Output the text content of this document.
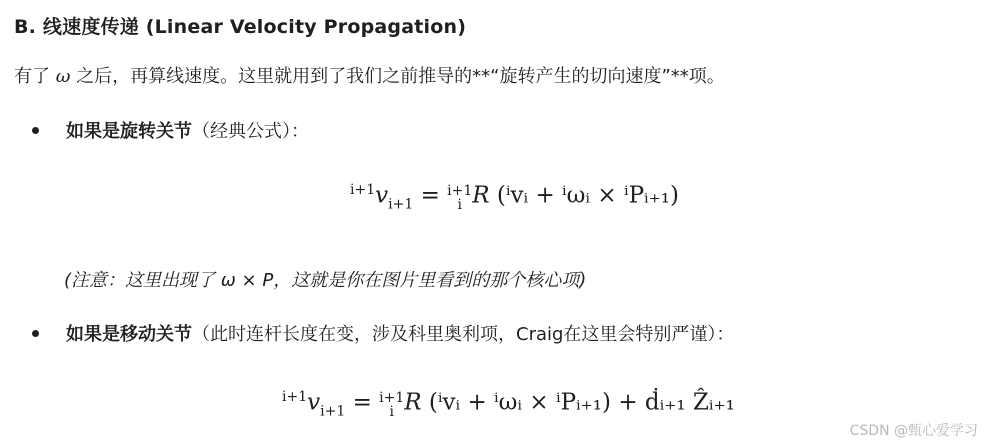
B. 线速度传递 (Linear Velocity Propagation)

有了 ω 之后，再算线速度。这里就用到了我们之前推导的**“旋转产生的切向速度”**项。

如果是旋转关节（经典公式）：
$^{i+1}v_{i+1} = i+1$
i R (ⁱvᵢ + ⁱωᵢ × ⁱPᵢ₊₁)

(注意：这里出现了 ω × P，这就是你在图片里看到的那个核心项)

如果是移动关节（此时连杆长度在变，涉及科里奥利项，Craig在这里会特别严谨）：
$^{i+1}v_{i+1} = i+1$
i R (ⁱvᵢ + ⁱωᵢ × ⁱPᵢ₊₁) + ḋᵢ₊₁ Ẑᵢ₊₁
CSDN @甄心爱学习
